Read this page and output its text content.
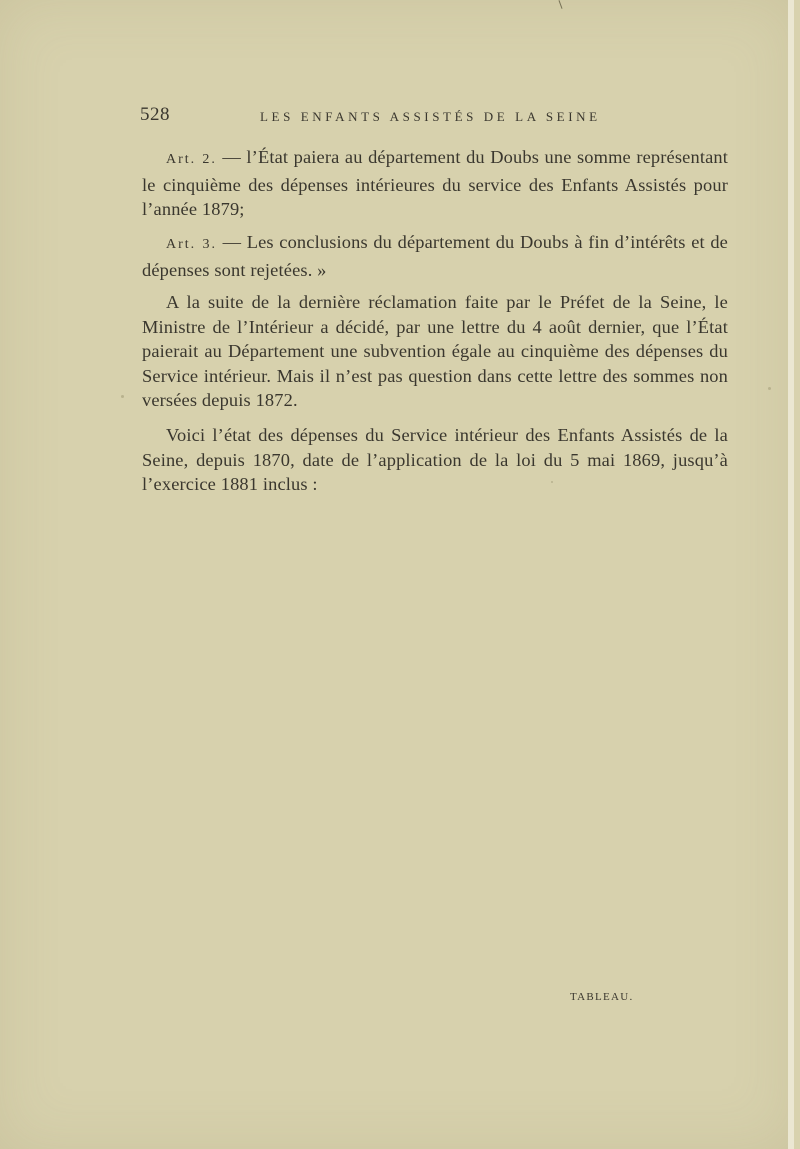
528	LES ENFANTS ASSISTÉS DE LA SEINE

Art. 2. — l’État paiera au département du Doubs une somme représentant le cinquième des dépenses intérieures du service des Enfants Assistés pour l’année 1879;

Art. 3. — Les conclusions du département du Doubs à fin d’intérêts et de dépenses sont rejetées. »

A la suite de la dernière réclamation faite par le Préfet de la Seine, le Ministre de l’Intérieur a décidé, par une lettre du 4 août dernier, que l’État paierait au Département une subvention égale au cinquième des dépenses du Service intérieur. Mais il n’est pas question dans cette lettre des sommes non versées depuis 1872.

Voici l’état des dépenses du Service intérieur des Enfants Assistés de la Seine, depuis 1870, date de l’application de la loi du 5 mai 1869, jusqu’à l’exercice 1881 inclus :

TABLEAU.
